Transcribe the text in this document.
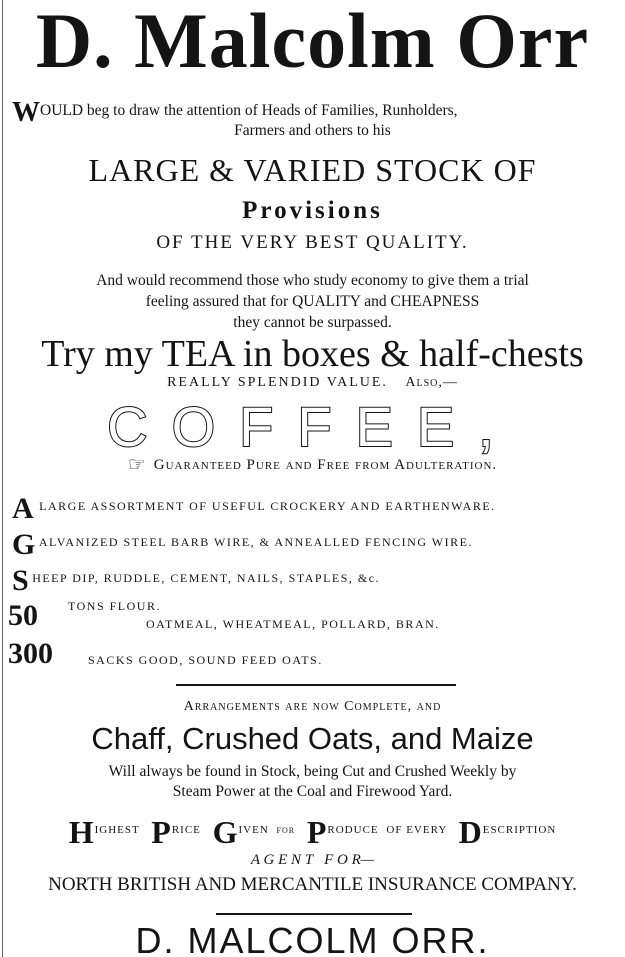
D. Malcolm Orr
WOULD beg to draw the attention of Heads of Families, Runholders,
Farmers and others to his
LARGE & VARIED STOCK OF
Provisions
OF THE VERY BEST QUALITY.
And would recommend those who study economy to give them a trial
feeling assured that for QUALITY and CHEAPNESS
they cannot be surpassed.
Try my TEA in boxes & half-chests
REALLY SPLENDID VALUE. Also,—
COFFEE,
☞ Guaranteed Pure and Free from Adulteration.
ALARGE ASSORTMENT OF USEFUL CROCKERY AND EARTHENWARE.
GALVANIZED STEEL BARB WIRE, & ANNEALLED FENCING WIRE.
SHEEP DIP, RUDDLE, CEMENT, NAILS, STAPLES, &c.
50	TONS FLOUR.
OATMEAL, WHEATMEAL, POLLARD, BRAN.
300	SACKS GOOD, SOUND FEED OATS.
Arrangements are now Complete, and
Chaff, Crushed Oats, and Maize
Will always be found in Stock, being Cut and Crushed Weekly by
Steam Power at the Coal and Firewood Yard.
HIGHEST PRICE GIVEN FOR PRODUCE OF EVERY DESCRIPTION
A G E N T   F O R—
NORTH BRITISH AND MERCANTILE INSURANCE COMPANY.
D. MALCOLM ORR.
